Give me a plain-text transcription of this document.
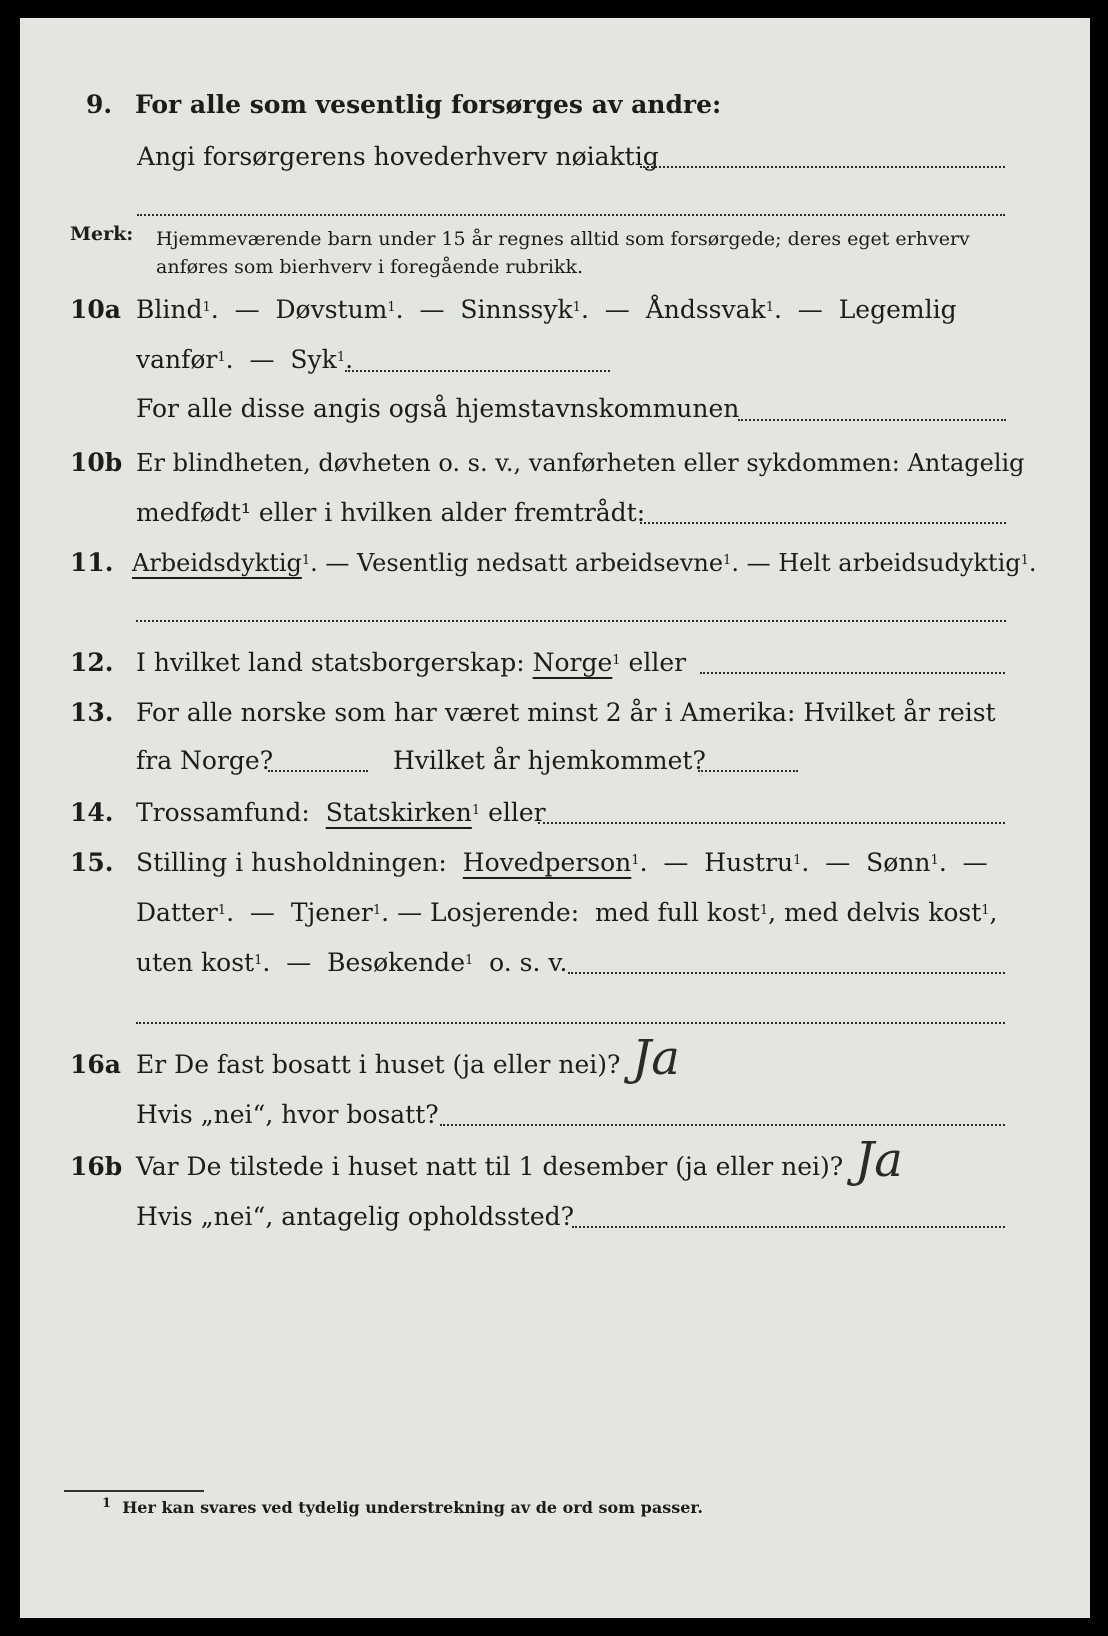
9. For alle som vesentlig forsørges av andre:
Angi forsørgerens hovederhverv nøiaktig
Merk: Hjemmeværende barn under 15 år regnes alltid som forsørgede; deres eget erhverv
anføres som bierhverv i foregående rubrikk.
10a Blind$^1$.  —  Døvstum$^1$.  —  Sinnssyk$^1$.  —  Åndssvak$^1$.  —  Legemlig
vanfør$^1$.  —  Syk$^1$.
For alle disse angis også hjemstavnskommunen
10b Er blindheten, døvheten o. s. v., vanførheten eller sykdommen: Antagelig
medfødt¹ eller i hvilken alder fremtrådt:
11. Arbeidsdyktig$^1$. — Vesentlig nedsatt arbeidsevne$^1$. — Helt arbeidsudyktig$^1$.
12. I hvilket land statsborgerskap: Norge$^1$ eller
13. For alle norske som har været minst 2 år i Amerika: Hvilket år reist
fra Norge?	Hvilket år hjemkommet?
14. Trossamfund: Statskirken$^1$ eller
15. Stilling i husholdningen: Hovedperson$^1$.  —  Hustru$^1$.  —  Sønn$^1$.  —
Datter$^1$.  —  Tjener$^1$. — Losjerende: med full kost$^1$, med delvis kost$^1$,
uten kost$^1$.  —  Besøkende$^1$ o. s. v.
16a Er De fast bosatt i huset (ja eller nei)? Ja
Hvis „nei“, hvor bosatt?
16b Var De tilstede i huset natt til 1 desember (ja eller nei)? Ja
Hvis „nei“, antagelig opholdssted?
$^1$ Her kan svares ved tydelig understrekning av de ord som passer.
